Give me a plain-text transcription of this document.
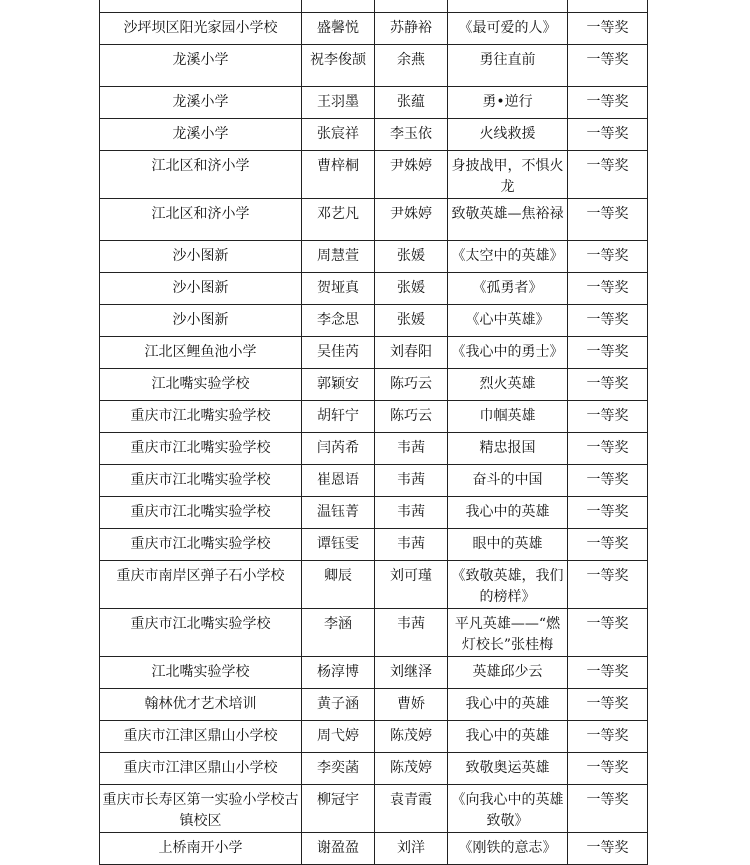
沙坪坝区阳光家园小学校	盛馨悦	苏静裕	《最可爱的人》	一等奖
龙溪小学	祝李俊颉	余燕	勇往直前	一等奖
龙溪小学	王羽墨	张蕴	勇•逆行	一等奖
龙溪小学	张宸祥	李玉依	火线救援	一等奖
江北区和济小学	曹梓桐	尹姝婷	身披战甲，不惧火龙	一等奖
江北区和济小学	邓艺凡	尹姝婷	致敬英雄—焦裕禄	一等奖
沙小图新	周慧萱	张媛	《太空中的英雄》	一等奖
沙小图新	贺垭真	张媛	《孤勇者》	一等奖
沙小图新	李念思	张媛	《心中英雄》	一等奖
江北区鲤鱼池小学	吴佳芮	刘春阳	《我心中的勇士》	一等奖
江北嘴实验学校	郭颖安	陈巧云	烈火英雄	一等奖
重庆市江北嘴实验学校	胡轩宁	陈巧云	巾帼英雄	一等奖
重庆市江北嘴实验学校	闫芮希	韦茜	精忠报国	一等奖
重庆市江北嘴实验学校	崔恩语	韦茜	奋斗的中国	一等奖
重庆市江北嘴实验学校	温钰菁	韦茜	我心中的英雄	一等奖
重庆市江北嘴实验学校	谭钰雯	韦茜	眼中的英雄	一等奖
重庆市南岸区弹子石小学校	卿辰	刘可瑾	《致敬英雄，我们的榜样》	一等奖
重庆市江北嘴实验学校	李涵	韦茜	平凡英雄——“燃灯校长”张桂梅	一等奖
江北嘴实验学校	杨淳博	刘继泽	英雄邱少云	一等奖
翰林优才艺术培训	黄子涵	曹娇	我心中的英雄	一等奖
重庆市江津区鼎山小学校	周弋婷	陈茂婷	我心中的英雄	一等奖
重庆市江津区鼎山小学校	李奕菡	陈茂婷	致敬奥运英雄	一等奖
重庆市长寿区第一实验小学校古镇校区	柳冠宇	袁青霞	《向我心中的英雄致敬》	一等奖
上桥南开小学	谢盈盈	刘洋	《刚铁的意志》	一等奖
